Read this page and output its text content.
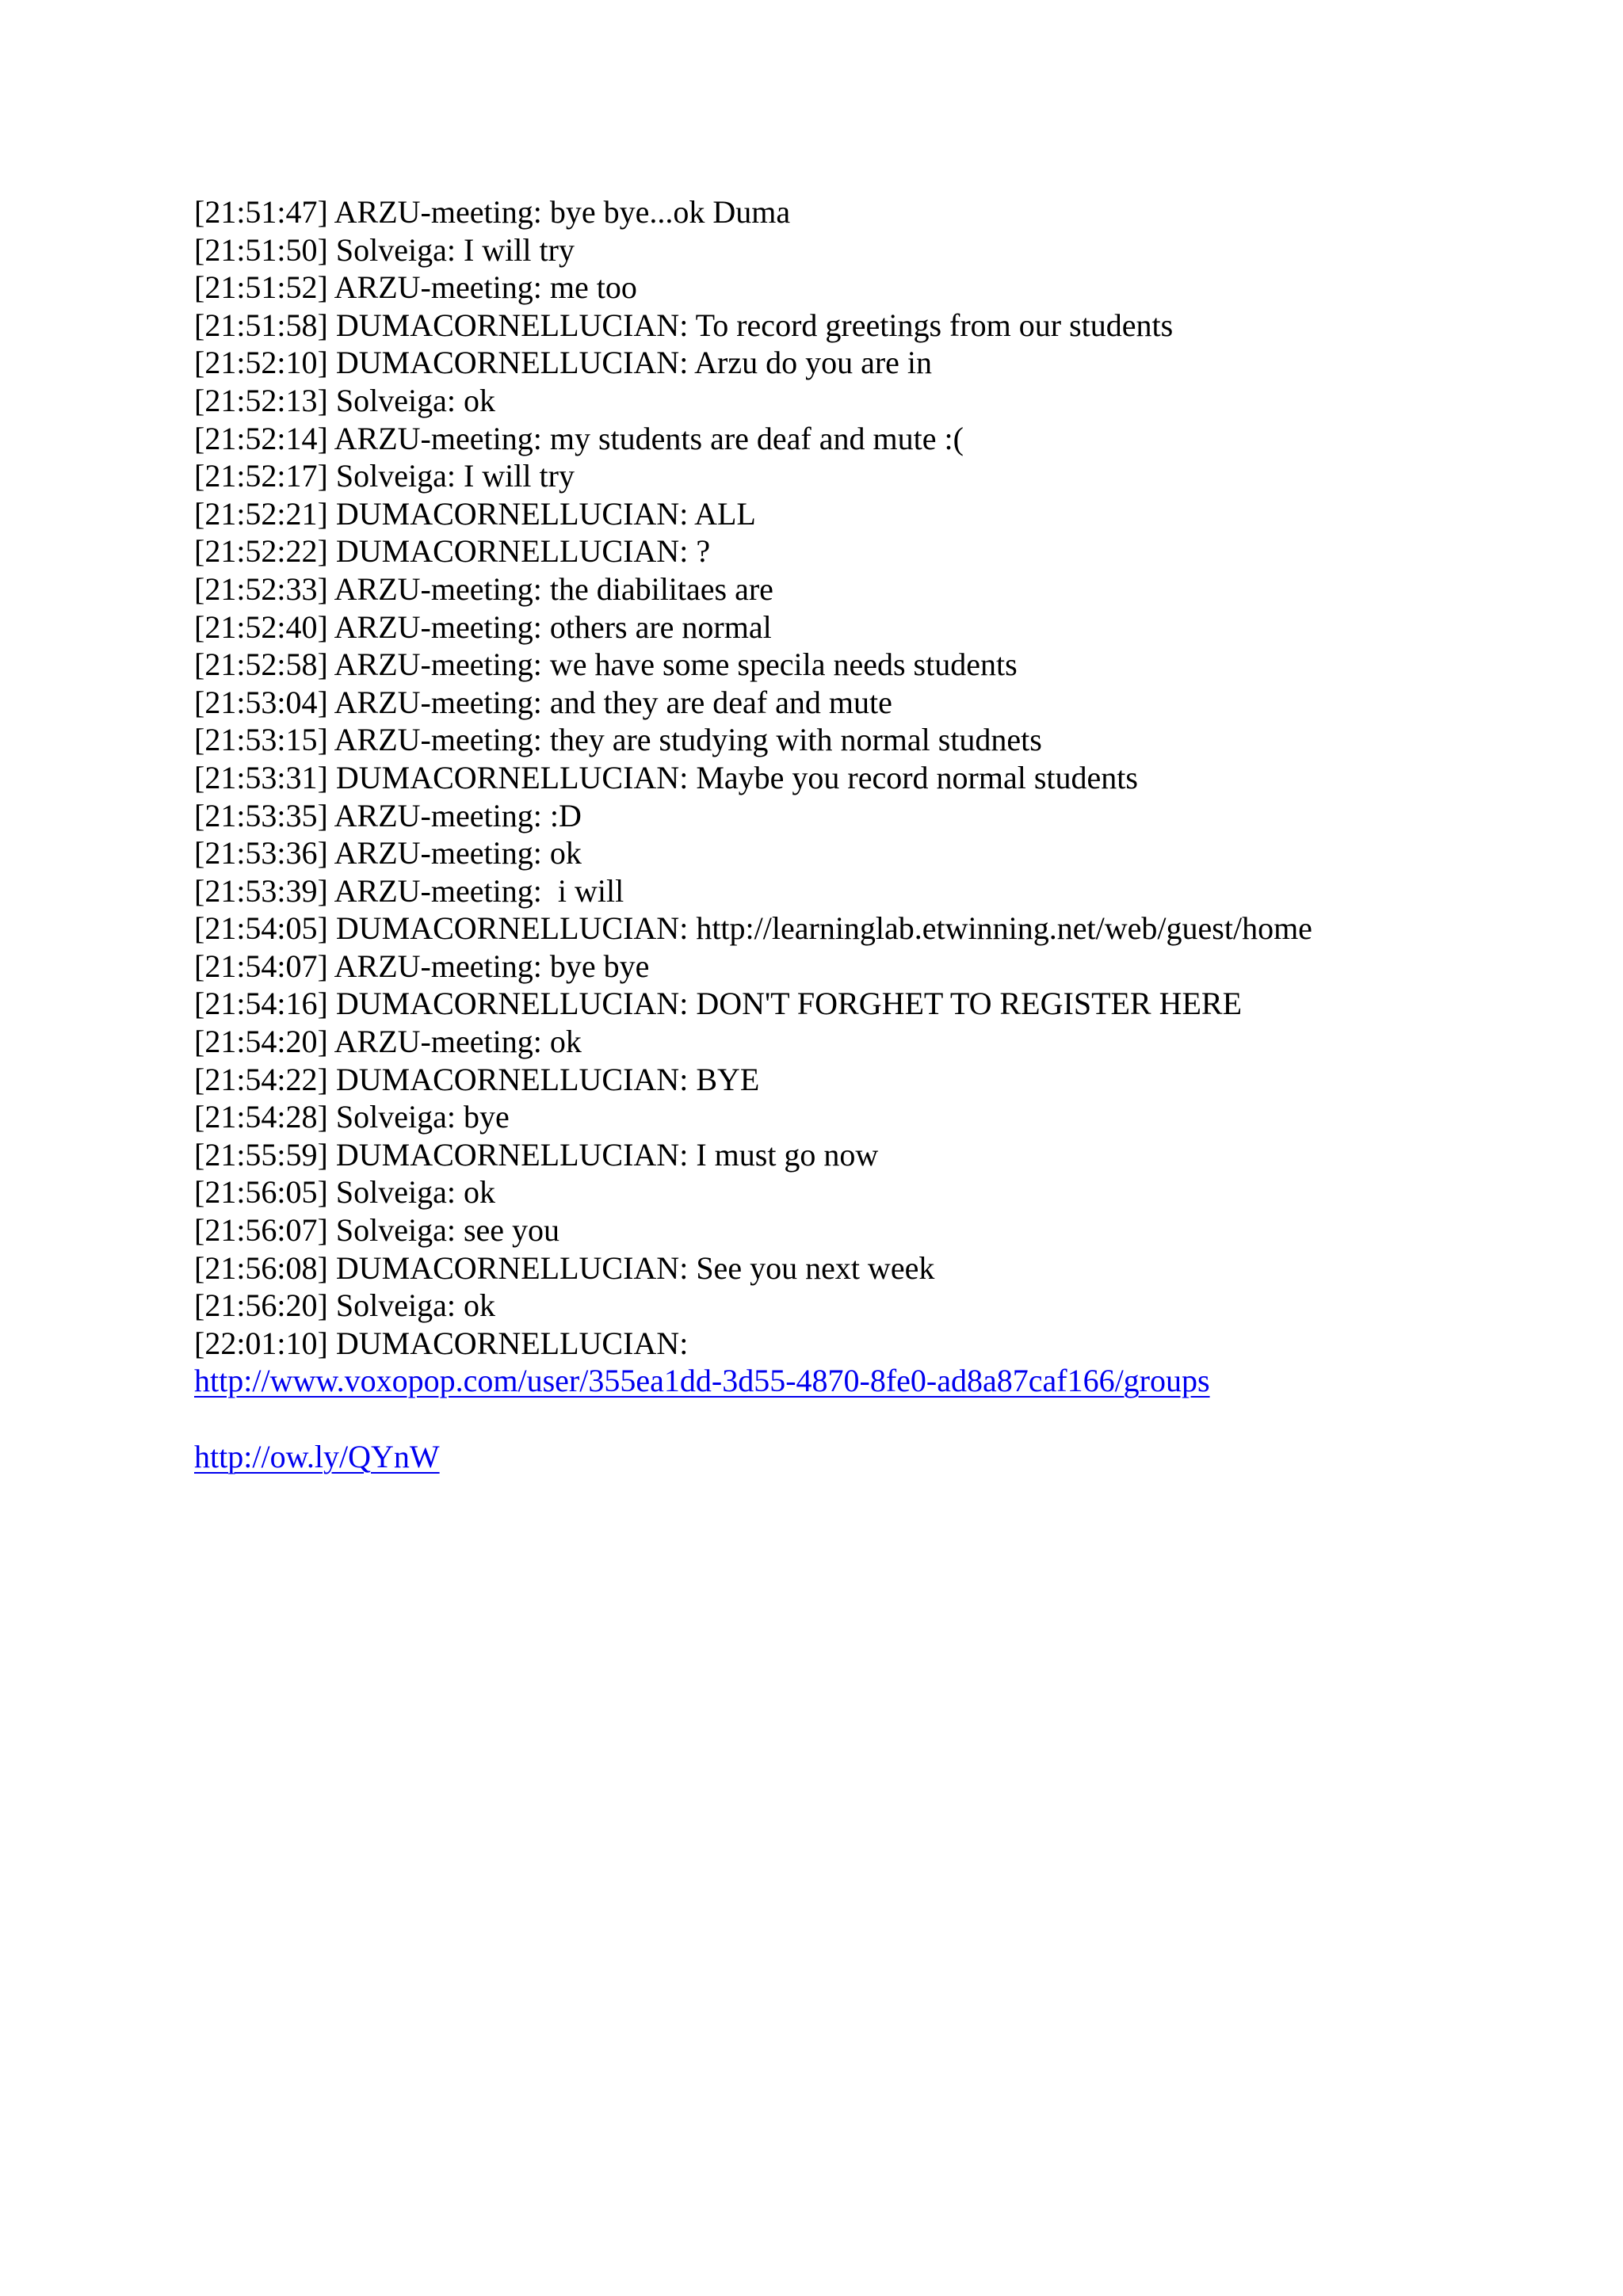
[21:51:47] ARZU-meeting: bye bye...ok Duma
[21:51:50] Solveiga: I will try
[21:51:52] ARZU-meeting: me too
[21:51:58] DUMACORNELLUCIAN: To record greetings from our students
[21:52:10] DUMACORNELLUCIAN: Arzu do you are in
[21:52:13] Solveiga: ok
[21:52:14] ARZU-meeting: my students are deaf and mute :(
[21:52:17] Solveiga: I will try
[21:52:21] DUMACORNELLUCIAN: ALL
[21:52:22] DUMACORNELLUCIAN: ?
[21:52:33] ARZU-meeting: the diabilitaes are
[21:52:40] ARZU-meeting: others are normal
[21:52:58] ARZU-meeting: we have some specila needs students
[21:53:04] ARZU-meeting: and they are deaf and mute
[21:53:15] ARZU-meeting: they are studying with normal studnets
[21:53:31] DUMACORNELLUCIAN: Maybe you record normal students
[21:53:35] ARZU-meeting: :D
[21:53:36] ARZU-meeting: ok
[21:53:39] ARZU-meeting:  i will
[21:54:05] DUMACORNELLUCIAN: http://learninglab.etwinning.net/web/guest/home
[21:54:07] ARZU-meeting: bye bye
[21:54:16] DUMACORNELLUCIAN: DON'T FORGHET TO REGISTER HERE
[21:54:20] ARZU-meeting: ok
[21:54:22] DUMACORNELLUCIAN: BYE
[21:54:28] Solveiga: bye
[21:55:59] DUMACORNELLUCIAN: I must go now
[21:56:05] Solveiga: ok
[21:56:07] Solveiga: see you
[21:56:08] DUMACORNELLUCIAN: See you next week
[21:56:20] Solveiga: ok
[22:01:10] DUMACORNELLUCIAN:
http://www.voxopop.com/user/355ea1dd-3d55-4870-8fe0-ad8a87caf166/groups
http://ow.ly/QYnW
